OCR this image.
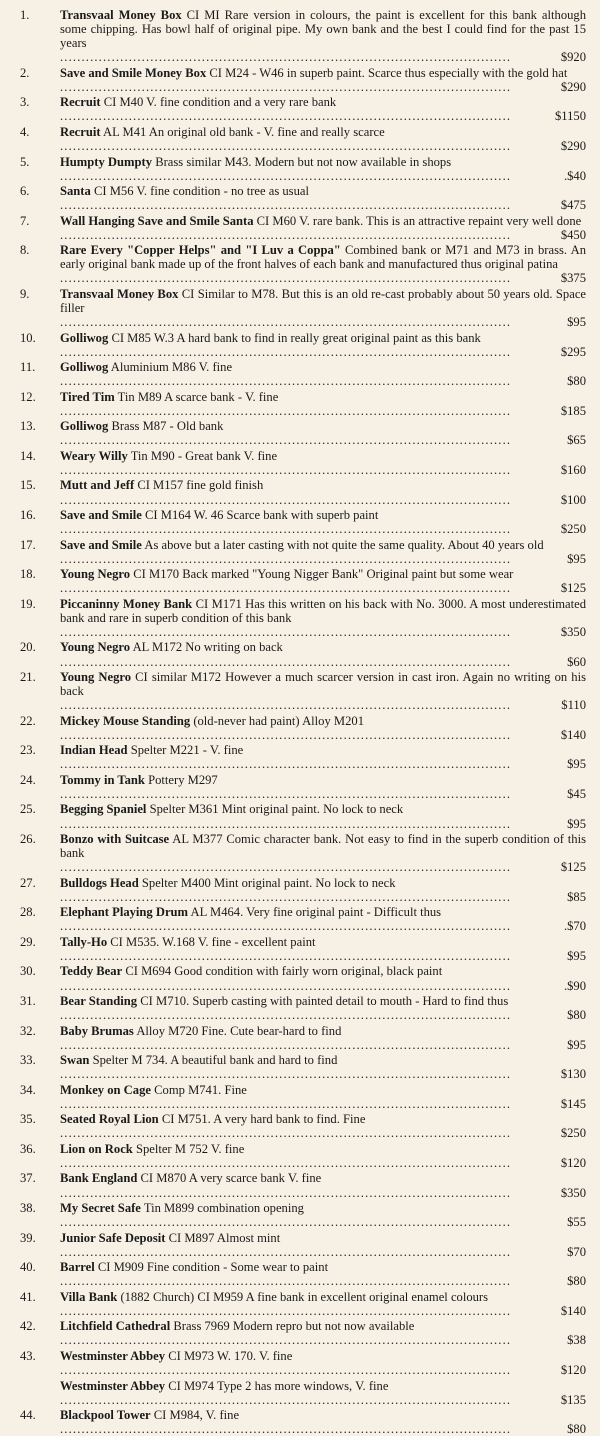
1.	Transvaal Money Box CI MI Rare version in colours, the paint is excellent for this bank although some chipping. Has bowl half of original pipe. My own bank and the best I could find for the past 15 years
. . .
$920
2.	Save and Smile Money Box CI M24 - W46 in superb paint. Scarce thus especially with the gold hat
. . .
$290
3.	Recruit CI M40 V. fine condition and a very rare bank
. . .
$1150
4.	Recruit AL M41 An original old bank - V. fine and really scarce
. . .
$290
5.	Humpty Dumpty Brass similar M43. Modern but not now available in shops
. . .
.$40
6.	Santa CI M56 V. fine condition - no tree as usual
. . .
$475
7.	Wall Hanging Save and Smile Santa CI M60 V. rare bank. This is an attractive repaint very well done
. . .
$450
8.	Rare Every "Copper Helps" and "I Luv a Coppa" Combined bank or M71 and M73 in brass. An early original bank made up of the front halves of each bank and manufactured thus original patina
. . .
$375
9.	Transvaal Money Box CI Similar to M78. But this is an old re-cast probably about 50 years old. Space filler
. . .
$95
10.	Golliwog CI M85 W.3 A hard bank to find in really great original paint as this bank
. . .
$295
11.	Golliwog Aluminium M86 V. fine
. . .
$80
12.	Tired Tim Tin M89 A scarce bank - V. fine
. . .
$185
13.	Golliwog Brass M87 - Old bank
. . .
$65
14.	Weary Willy Tin M90 - Great bank V. fine
. . .
$160
15.	Mutt and Jeff CI M157 fine gold finish
. . .
$100
16.	Save and Smile CI M164 W. 46 Scarce bank with superb paint
. . .
$250
17.	Save and Smile As above but a later casting with not quite the same quality. About 40 years old
. . .
$95
18.	Young Negro CI M170 Back marked "Young Nigger Bank" Original paint but some wear
. . .
$125
19.	Piccaninny Money Bank CI M171 Has this written on his back with No. 3000. A most underestimated bank and rare in superb condition of this bank
. . .
$350
20.	Young Negro AL M172 No writing on back
. . .
$60
21.	Young Negro CI similar M172 However a much scarcer version in cast iron. Again no writing on his back
. . .
$110
22.	Mickey Mouse Standing (old-never had paint) Alloy M201
. . .
$140
23.	Indian Head Spelter M221 - V. fine
. . .
$95
24.	Tommy in Tank Pottery M297
. . .
$45
25.	Begging Spaniel Spelter M361 Mint original paint. No lock to neck
. . .
$95
26.	Bonzo with Suitcase AL M377 Comic character bank. Not easy to find in the superb condition of this bank
. . .
$125
27.	Bulldogs Head Spelter M400 Mint original paint. No lock to neck
. . .
$85
28.	Elephant Playing Drum AL M464. Very fine original paint - Difficult thus
. . .
.$70
29.	Tally-Ho CI M535. W.168 V. fine - excellent paint
. . .
$95
30.	Teddy Bear CI M694 Good condition with fairly worn original, black paint
. . .
.$90
31.	Bear Standing CI M710. Superb casting with painted detail to mouth - Hard to find thus
. . .
$80
32.	Baby Brumas Alloy M720 Fine. Cute bear-hard to find
. . .
$95
33.	Swan Spelter M 734. A beautiful bank and hard to find
. . .
$130
34.	Monkey on Cage Comp M741. Fine
. . .
$145
35.	Seated Royal Lion CI M751. A very hard bank to find. Fine
. . .
$250
36.	Lion on Rock Spelter M 752 V. fine
. . .
$120
37.	Bank England CI M870 A very scarce bank V. fine
. . .
$350
38.	My Secret Safe Tin M899 combination opening
. . .
$55
39.	Junior Safe Deposit CI M897 Almost mint
. . .
$70
40.	Barrel CI M909 Fine condition - Some wear to paint
. . .
$80
41.	Villa Bank (1882 Church) CI M959 A fine bank in excellent original enamel colours
. . .
$140
42.	Litchfield Cathedral Brass 7969 Modern repro but not now available
. . .
$38
43.	Westminster Abbey CI M973 W. 170. V. fine
. . .
$120
Westminster Abbey CI M974 Type 2 has more windows, V. fine
. . .
$135
44.	Blackpool Tower CI M984, V. fine
. . .
$80
